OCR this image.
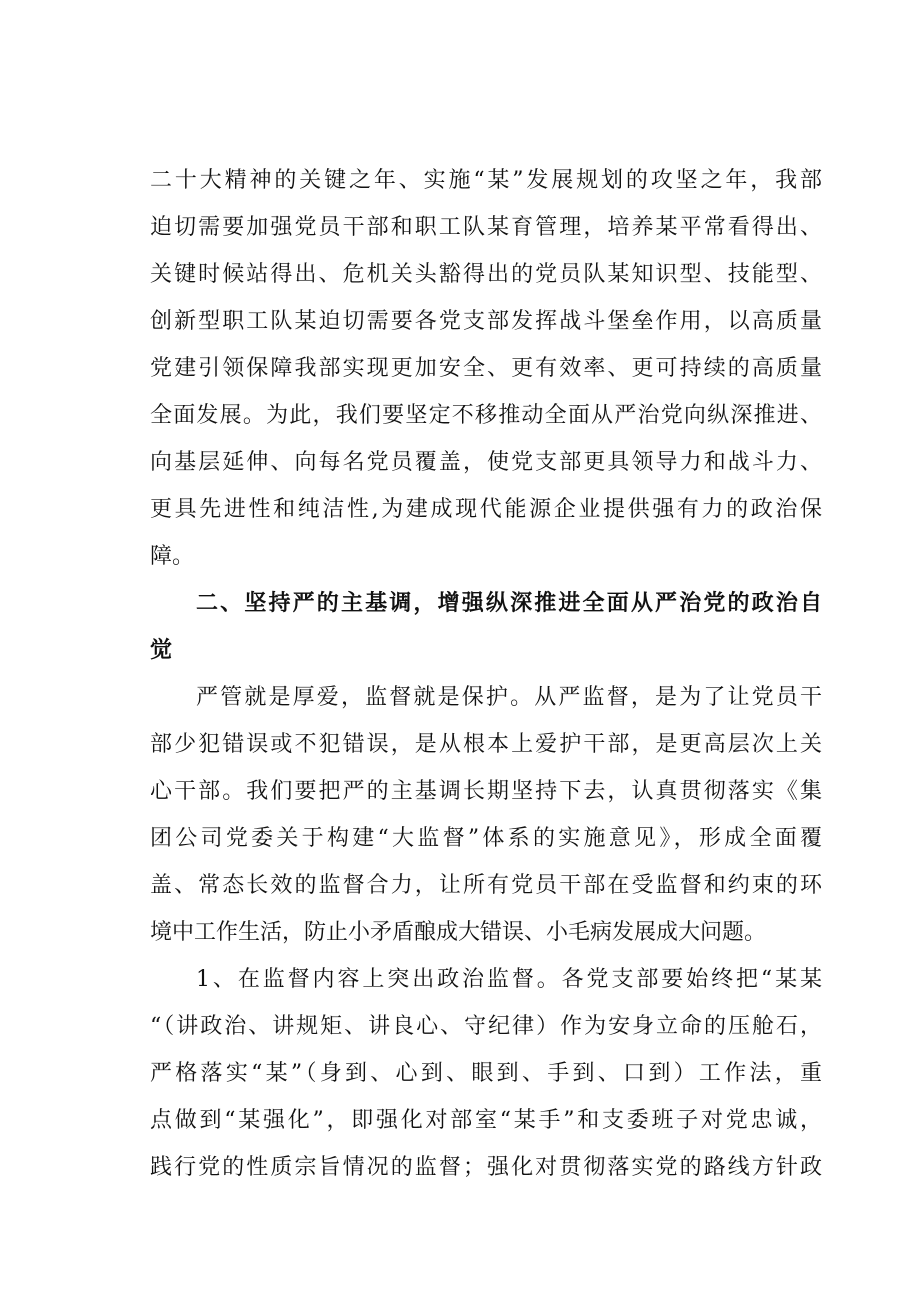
二十大精神的关键之年、实施“某”发展规划的攻坚之年，我部
迫切需要加强党员干部和职工队某育管理，培养某平常看得出、
关键时候站得出、危机关头豁得出的党员队某知识型、技能型、
创新型职工队某迫切需要各党支部发挥战斗堡垒作用，以高质量
党建引领保障我部实现更加安全、更有效率、更可持续的高质量
全面发展。为此，我们要坚定不移推动全面从严治党向纵深推进、
向基层延伸、向每名党员覆盖，使党支部更具领导力和战斗力、
更具先进性和纯洁性,为建成现代能源企业提供强有力的政治保
障。
二、坚持严的主基调，增强纵深推进全面从严治党的政治自
觉
严管就是厚爱，监督就是保护。从严监督，是为了让党员干
部少犯错误或不犯错误，是从根本上爱护干部，是更高层次上关
心干部。我们要把严的主基调长期坚持下去，认真贯彻落实《集
团公司党委关于构建“大监督”体系的实施意见》，形成全面覆
盖、常态长效的监督合力，让所有党员干部在受监督和约束的环
境中工作生活，防止小矛盾酿成大错误、小毛病发展成大问题。
1、在监督内容上突出政治监督。各党支部要始终把“某某
“（讲政治、讲规矩、讲良心、守纪律）作为安身立命的压舱石，
严格落实“某”（身到、心到、眼到、手到、口到）工作法，重
点做到“某强化”，即强化对部室“某手”和支委班子对党忠诚，
践行党的性质宗旨情况的监督；强化对贯彻落实党的路线方针政
